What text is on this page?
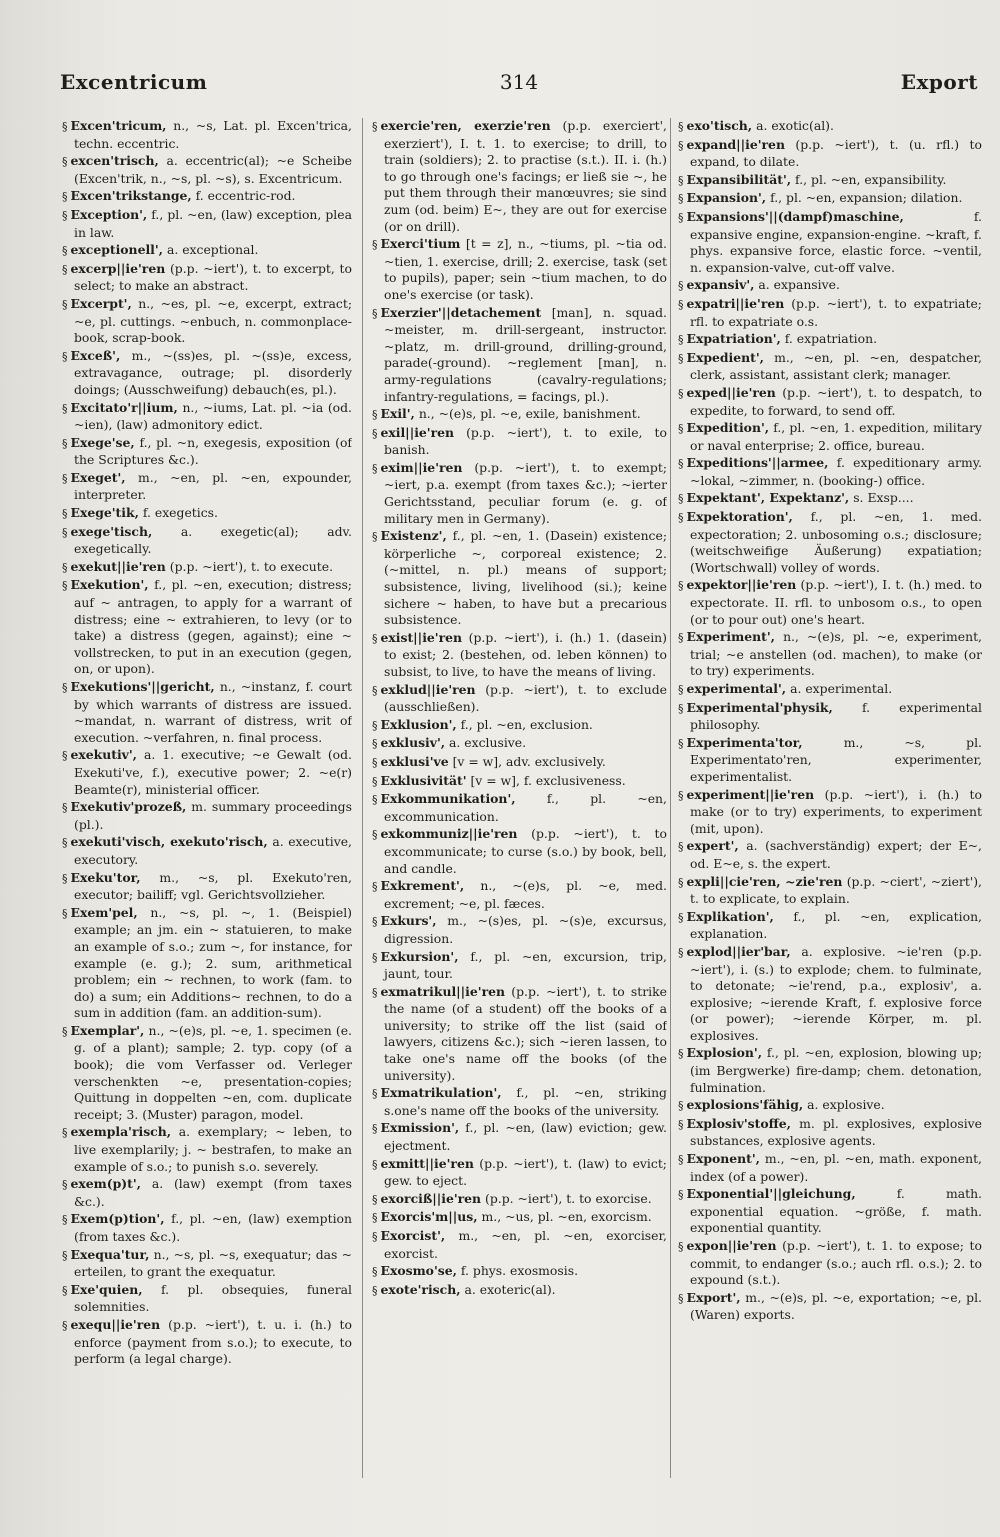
Excentricum	314	Export
§ Excen'tricum, n., ~s, Lat. pl. Excen'trica, techn. eccentric.
§ excen'trisch, a. eccentric(al); ~e Scheibe (Excen'trik, n., ~s, pl. ~s), s. Excentricum.
§ Excen'trikstange, f. eccentric-rod.
§ Exception', f., pl. ~en, (law) exception, plea in law.
§ exceptionell', a. exceptional.
§ excerp||ie'ren (p.p. ~iert'), t. to excerpt, to select; to make an abstract.
§ Excerpt', n., ~es, pl. ~e, excerpt, extract; ~e, pl. cuttings. ~enbuch, n. commonplace-book, scrap-book.
§ Exceß', m., ~(ss)es, pl. ~(ss)e, excess, extravagance, outrage; pl. disorderly doings; (Ausschweifung) debauch(es, pl.).
§ Excitato'r||ium, n., ~iums, Lat. pl. ~ia (od. ~ien), (law) admonitory edict.
§ Exege'se, f., pl. ~n, exegesis, exposition (of the Scriptures &c.).
§ Exeget', m., ~en, pl. ~en, expounder, interpreter.
§ Exege'tik, f. exegetics.
§ exege'tisch, a. exegetic(al); adv. exegetically.
§ exekut||ie'ren (p.p. ~iert'), t. to execute.
§ Exekution', f., pl. ~en, execution; distress; auf ~ antragen, to apply for a warrant of distress; eine ~ extrahieren, to levy (or to take) a distress (gegen, against); eine ~ vollstrecken, to put in an execution (gegen, on, or upon).
§ Exekutions'||gericht, n., ~instanz, f. court by which warrants of distress are issued. ~mandat, n. warrant of distress, writ of execution. ~verfahren, n. final process.
§ exekutiv', a. 1. executive; ~e Gewalt (od. Exekuti've, f.), executive power; 2. ~e(r) Beamte(r), ministerial officer.
§ Exekutiv'prozeß, m. summary proceedings (pl.).
§ exekuti'visch, exekuto'risch, a. executive, executory.
§ Exeku'tor, m., ~s, pl. Exekuto'ren, executor; bailiff; vgl. Gerichtsvollzieher.
§ Exem'pel, n., ~s, pl. ~, 1. (Beispiel) example; an jm. ein ~ statuieren, to make an example of s.o.; zum ~, for instance, for example (e. g.); 2. sum, arithmetical problem; ein ~ rechnen, to work (fam. to do) a sum; ein Additions~ rechnen, to do a sum in addition (fam. an addition-sum).
§ Exemplar', n., ~(e)s, pl. ~e, 1. specimen (e. g. of a plant); sample; 2. typ. copy (of a book); die vom Verfasser od. Verleger verschenkten ~e, presentation-copies; Quittung in doppelten ~en, com. duplicate receipt; 3. (Muster) paragon, model.
§ exempla'risch, a. exemplary; ~ leben, to live exemplarily; j. ~ bestrafen, to make an example of s.o.; to punish s.o. severely.
§ exem(p)t', a. (law) exempt (from taxes &c.).
§ Exem(p)tion', f., pl. ~en, (law) exemption (from taxes &c.).
§ Exequa'tur, n., ~s, pl. ~s, exequatur; das ~ erteilen, to grant the exequatur.
§ Exe'quien, f. pl. obsequies, funeral solemnities.
§ exequ||ie'ren (p.p. ~iert'), t. u. i. (h.) to enforce (payment from s.o.); to execute, to perform (a legal charge).
§ exercie'ren, exerzie'ren (p.p. exerciert', exerziert'), I. t. 1. to exercise; to drill, to train (soldiers); 2. to practise (s.t.). II. i. (h.) to go through one's facings; er ließ sie ~, he put them through their manœuvres; sie sind zum (od. beim) E~, they are out for exercise (or on drill).
§ Exerci'tium [t = z], n., ~tiums, pl. ~tia od. ~tien, 1. exercise, drill; 2. exercise, task (set to pupils), paper; sein ~tium machen, to do one's exercise (or task).
§ Exerzier'||detachement [man], n. squad. ~meister, m. drill-sergeant, instructor. ~platz, m. drill-ground, drilling-ground, parade(-ground). ~reglement [man], n. army-regulations (cavalry-regulations; infantry-regulations, = facings, pl.).
§ Exil', n., ~(e)s, pl. ~e, exile, banishment.
§ exil||ie'ren (p.p. ~iert'), t. to exile, to banish.
§ exim||ie'ren (p.p. ~iert'), t. to exempt; ~iert, p.a. exempt (from taxes &c.); ~ierter Gerichtsstand, peculiar forum (e. g. of military men in Germany).
§ Existenz', f., pl. ~en, 1. (Dasein) existence; körperliche ~, corporeal existence; 2. (~mittel, n. pl.) means of support; subsistence, living, livelihood (si.); keine sichere ~ haben, to have but a precarious subsistence.
§ exist||ie'ren (p.p. ~iert'), i. (h.) 1. (dasein) to exist; 2. (bestehen, od. leben können) to subsist, to live, to have the means of living.
§ exklud||ie'ren (p.p. ~iert'), t. to exclude (ausschließen).
§ Exklusion', f., pl. ~en, exclusion.
§ exklusiv', a. exclusive.
§ exklusi've [v = w], adv. exclusively.
§ Exklusivität' [v = w], f. exclusiveness.
§ Exkommunikation',	f., pl. ~en, excommunication.
§ exkommuniz||ie'ren (p.p. ~iert'), t. to excommunicate; to curse (s.o.) by book, bell, and candle.
§ Exkrement', n., ~(e)s, pl. ~e, med. excrement; ~e, pl. fæces.
§ Exkurs', m., ~(s)es, pl. ~(s)e, excursus, digression.
§ Exkursion', f., pl. ~en, excursion, trip, jaunt, tour.
§ exmatrikul||ie'ren (p.p. ~iert'), t. to strike the name (of a student) off the books of a university; to strike off the list (said of lawyers, citizens &c.); sich ~ieren lassen, to take one's name off the books (of the university).
§ Exmatrikulation', f., pl. ~en, striking s.one's name off the books of the university.
§ Exmission', f., pl. ~en, (law) eviction; gew. ejectment.
§ exmitt||ie'ren (p.p. ~iert'), t. (law) to evict; gew. to eject.
§ exorciß||ie'ren (p.p. ~iert'), t. to exorcise.
§ Exorcis'm||us, m., ~us, pl. ~en, exorcism.
§ Exorcist', m., ~en, pl. ~en, exorciser, exorcist.
§ Exosmo'se, f. phys. exosmosis.
§ exote'risch, a. exoteric(al).
§ exo'tisch, a. exotic(al).
§ expand||ie'ren (p.p. ~iert'), t. (u. rfl.) to expand, to dilate.
§ Expansibilität', f., pl. ~en, expansibility.
§ Expansion', f., pl. ~en, expansion; dilation.
§ Expansions'||(dampf)maschine,	f. expansive engine, expansion-engine. ~kraft, f. phys. expansive force, elastic force. ~ventil, n. expansion-valve, cut-off valve.
§ expansiv', a. expansive.
§ expatri||ie'ren (p.p. ~iert'), t. to expatriate; rfl. to expatriate o.s.
§ Expatriation', f. expatriation.
§ Expedient', m., ~en, pl. ~en, despatcher, clerk, assistant, assistant clerk; manager.
§ exped||ie'ren (p.p. ~iert'), t. to despatch, to expedite, to forward, to send off.
§ Expedition', f., pl. ~en, 1. expedition, military or naval enterprise; 2. office, bureau.
§ Expeditions'||armee, f. expeditionary army. ~lokal, ~zimmer, n. (booking-) office.
§ Expektant', Expektanz', s. Exsp....
§ Expektoration', f., pl. ~en, 1. med. expectoration; 2. unbosoming o.s.; disclosure; (weitschweifige Äußerung) expatiation; (Wortschwall) volley of words.
§ expektor||ie'ren (p.p. ~iert'), I. t. (h.) med. to expectorate. II. rfl. to unbosom o.s., to open (or to pour out) one's heart.
§ Experiment', n., ~(e)s, pl. ~e, experiment, trial; ~e anstellen (od. machen), to make (or to try) experiments.
§ experimental', a. experimental.
§ Experimental'physik, f. experimental philosophy.
§ Experimenta'tor,	m., ~s, pl. Experimentato'ren, experimenter, experimentalist.
§ experiment||ie'ren (p.p. ~iert'), i. (h.) to make (or to try) experiments, to experiment (mit, upon).
§ expert', a. (sachverständig) expert; der E~, od. E~e, s. the expert.
§ expli||cie'ren, ~zie'ren (p.p. ~ciert', ~ziert'), t. to explicate, to explain.
§ Explikation', f., pl. ~en, explication, explanation.
§ explod||ier'bar, a. explosive. ~ie'ren (p.p. ~iert'), i. (s.) to explode; chem. to fulminate, to detonate; ~ie'rend, p.a., explosiv', a. explosive; ~ierende Kraft, f. explosive force (or power); ~ierende Körper, m. pl. explosives.
§ Explosion', f., pl. ~en, explosion, blowing up; (im Bergwerke) fire-damp; chem. detonation, fulmination.
§ explosions'fähig, a. explosive.
§ Explosiv'stoffe, m. pl. explosives, explosive substances, explosive agents.
§ Exponent', m., ~en, pl. ~en, math. exponent, index (of a power).
§ Exponential'||gleichung,	f. math. exponential equation. ~größe, f. math. exponential quantity.
§ expon||ie'ren (p.p. ~iert'), t. 1. to expose; to commit, to endanger (s.o.; auch rfl. o.s.); 2. to expound (s.t.).
§ Export', m., ~(e)s, pl. ~e, exportation; ~e, pl. (Waren) exports.
